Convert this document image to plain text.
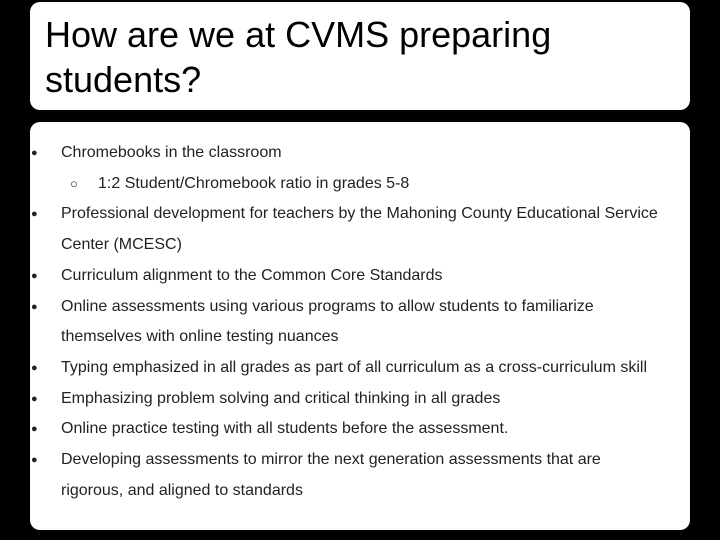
How are we at CVMS preparing students?
● Chromebooks in the classroom
○ 1:2 Student/Chromebook ratio in grades 5-8
● Professional development for teachers by the Mahoning County Educational Service
Center (MCESC)
● Curriculum alignment to the Common Core Standards
● Online assessments using various programs to allow students to familiarize
themselves with online testing nuances
● Typing emphasized in all grades as part of all curriculum as a cross-curriculum skill
● Emphasizing problem solving and critical thinking in all grades
● Online practice testing with all students before the assessment.
● Developing assessments to mirror the next generation assessments that are
rigorous, and aligned to standards
